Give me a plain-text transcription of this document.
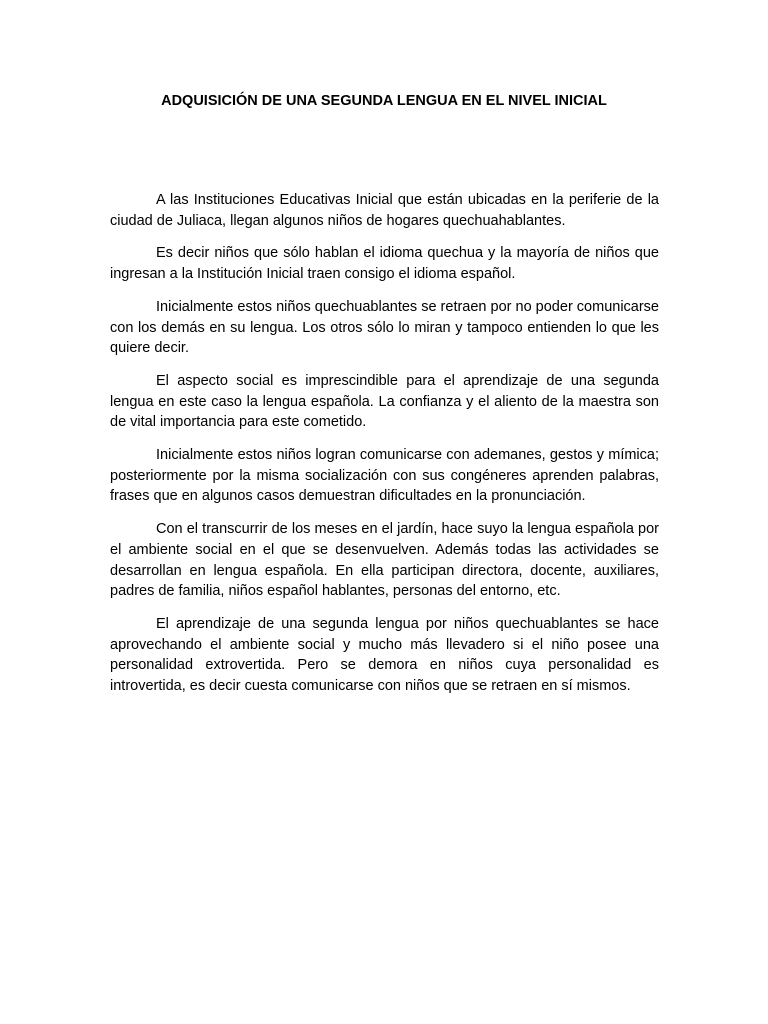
ADQUISICIÓN DE UNA SEGUNDA LENGUA EN EL NIVEL INICIAL

A las Instituciones Educativas Inicial que están ubicadas en la periferie de la ciudad de Juliaca, llegan algunos niños de hogares quechuahablantes.

Es decir niños que sólo hablan el idioma quechua y la mayoría de niños que ingresan a la Institución Inicial traen consigo el idioma español.

Inicialmente estos niños quechuablantes se retraen por no poder comunicarse con los demás en su lengua. Los otros sólo lo miran y tampoco entienden lo que les quiere decir.

El aspecto social es imprescindible para el aprendizaje de una segunda lengua en este caso la lengua española. La confianza y el aliento de la maestra son de vital importancia para este cometido.

Inicialmente estos niños logran comunicarse con ademanes, gestos y mímica; posteriormente por la misma socialización con sus congéneres aprenden palabras, frases que en algunos casos demuestran dificultades en la pronunciación.

Con el transcurrir de los meses en el jardín, hace suyo la lengua española por el ambiente social en el que se desenvuelven. Además todas las actividades se desarrollan en lengua española. En ella participan directora, docente, auxiliares, padres de familia, niños español hablantes, personas del entorno, etc.

El aprendizaje de una segunda lengua por niños quechuablantes se hace aprovechando el ambiente social y mucho más llevadero si el niño posee una personalidad extrovertida. Pero se demora en niños cuya personalidad es introvertida, es decir cuesta comunicarse con niños que se retraen en sí mismos.
